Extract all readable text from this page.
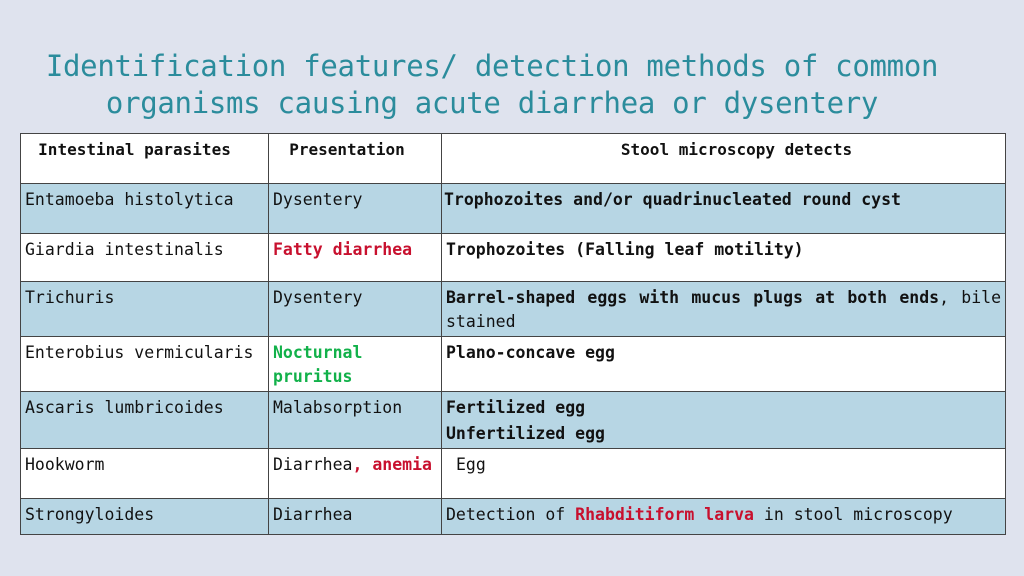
Identification features/ detection methods of common
organisms causing acute diarrhea or dysentery
Intestinal parasites	Presentation	Stool microscopy detects
Entamoeba histolytica	Dysentery	Trophozoites and/or quadrinucleated round cyst
Giardia intestinalis	Fatty diarrhea	Trophozoites (Falling leaf motility)
Trichuris	Dysentery	Barrel-shaped eggs with mucus plugs at both ends, bile stained
Enterobius vermicularis	Nocturnal pruritus	Plano-concave egg
Ascaris lumbricoides	Malabsorption	Fertilized egg
Unfertilized egg

Hookworm	Diarrhea, anemia	Egg
Strongyloides	Diarrhea	Detection of Rhabditiform larva in stool microscopy
